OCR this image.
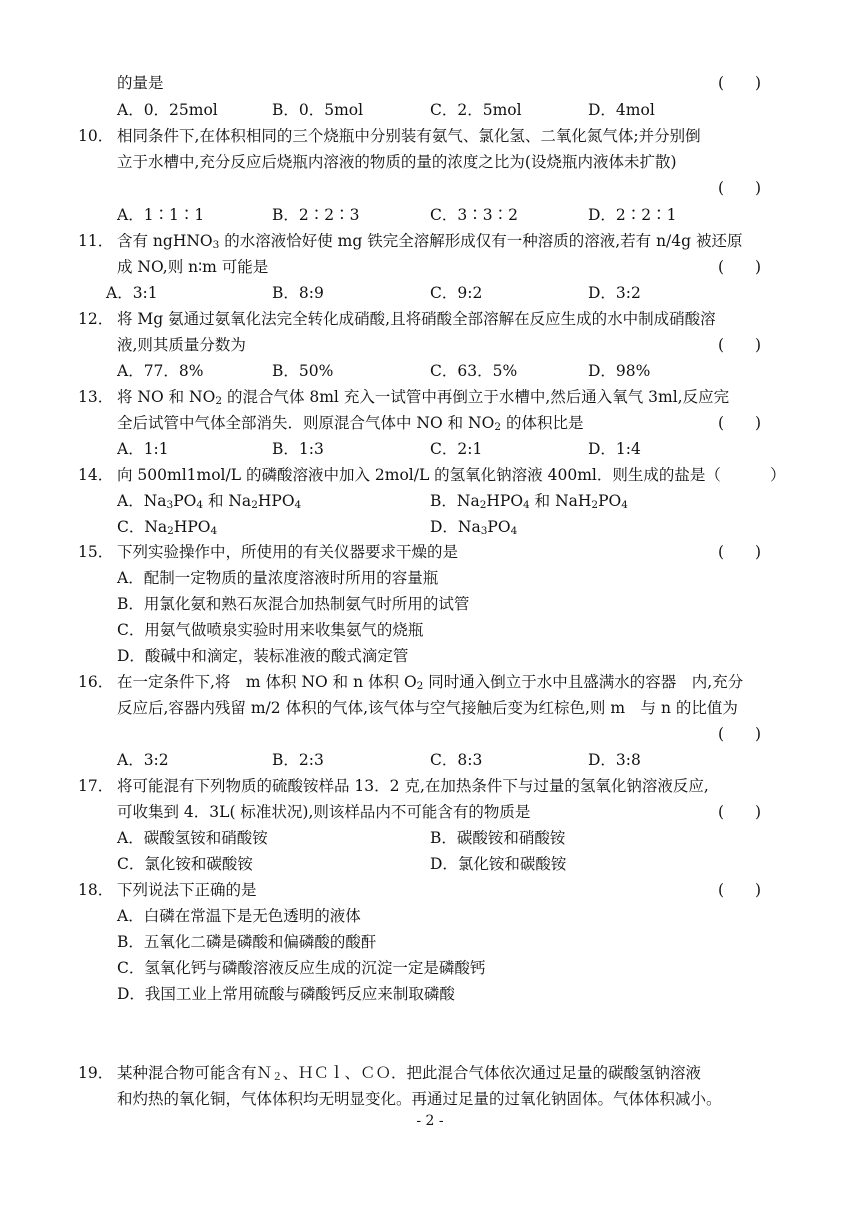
的量是	(　　)
A．0．25mol	B．0．5mol	C．2．5mol	D．4mol
10． 相同条件下,在体积相同的三个烧瓶中分别装有氨气、氯化氢、二氧化氮气体;并分别倒
立于水槽中,充分反应后烧瓶内溶液的物质的量的浓度之比为(设烧瓶内液体未扩散)
(　　)
A．1∶1∶1	B．2∶2∶3	C．3∶3∶2	D．2∶2∶1
11． 含有 ngHNO$_3$ 的水溶液恰好使 mg 铁完全溶解形成仅有一种溶质的溶液,若有 n/4g 被还原
成 NO,则 n∶m 可能是	(　　)
A．3:1	B．8:9	C．9:2	D．3:2
12． 将 Mg 氨通过氨氧化法完全转化成硝酸,且将硝酸全部溶解在反应生成的水中制成硝酸溶
液,则其质量分数为	(　　)
A．77．8%	B．50%	C．63．5%	D．98%
13． 将 NO 和 $NO_2$ 的混合气体 8ml 充入一试管中再倒立于水槽中,然后通入氧气 3ml,反应完
全后试管中气体全部消失．则原混合气体中 NO 和 $NO_2$ 的体积比是	(　　)
A．1:1	B．1:3	C．2:1	D．1:4
14． 向 500ml1mol/L 的磷酸溶液中加入 2mol/L 的氢氧化钠溶液 400ml．则生成的盐是（	）
A．$Na_3PO_4$ 和 $Na_2HPO_4$	B．$Na_2HPO_4$ 和 $NaH_2PO_4$
C．$Na_2HPO_4$	D．$Na_3PO_4$
15． 下列实验操作中，所使用的有关仪器要求干燥的是	(　　)
A．配制一定物质的量浓度溶液时所用的容量瓶
B．用氯化氨和熟石灰混合加热制氨气时所用的试管
C．用氨气做喷泉实验时用来收集氨气的烧瓶
D．酸碱中和滴定，装标准液的酸式滴定管
16． 在一定条件下,将　m 体积 NO 和 n 体积 $O_2$ 同时通入倒立于水中且盛满水的容器　内,充分
反应后,容器内残留 m/2 体积的气体,该气体与空气接触后变为红棕色,则 m　与 n 的比值为
(　　)
A．3:2	B．2:3	C．8:3	D．3:8
17． 将可能混有下列物质的硫酸铵样品 13．2 克,在加热条件下与过量的氢氧化钠溶液反应,
可收集到 4．3L( 标准状况),则该样品内不可能含有的物质是	(　　)
A．碳酸氢铵和硝酸铵	B．碳酸铵和硝酸铵
C．氯化铵和碳酸铵	D．氯化铵和碳酸铵
18． 下列说法下正确的是	(　　)
A．白磷在常温下是无色透明的液体
B．五氧化二磷是磷酸和偏磷酸的酸酐
C．氢氧化钙与磷酸溶液反应生成的沉淀一定是磷酸钙
D．我国工业上常用硫酸与磷酸钙反应来制取磷酸
19． 某种混合物可能含有Ｎ$_2$、ＨＣｌ、ＣＯ．把此混合气体依次通过足量的碳酸氢钠溶液
和灼热的氧化铜，气体体积均无明显变化。再通过足量的过氧化钠固体。气体体积减小。
- 2 -
